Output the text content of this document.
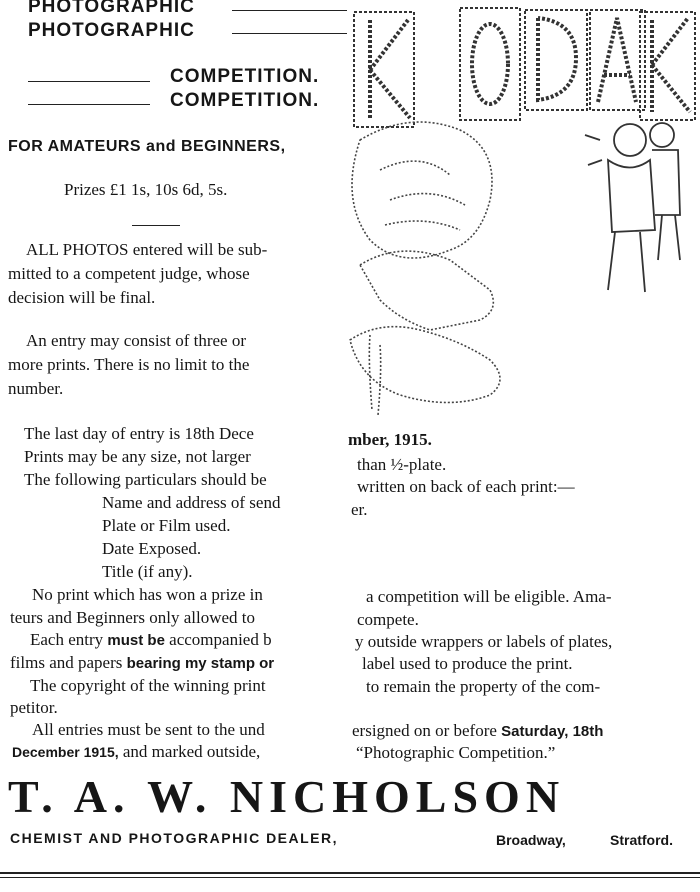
PHOTOGRAPHIC
PHOTOGRAPHIC
COMPETITION.
COMPETITION.
FOR AMATEURS and BEGINNERS,
Prizes £1 1s, 10s 6d, 5s.
ALL PHOTOS entered will be sub-
mitted to a competent judge, whose
decision will be final.
An entry may consist of three or
more prints. There is no limit to the
number.
The last day of entry is 18th Dece	mber, 1915.
Prints may be any size, not larger	than ½-plate.
The following particulars should be	written on back of each print:—
Name and address of send	er.
Plate or Film used.
Date Exposed.
Title (if any).
No print which has won a prize in	a competition will be eligible. Ama-
teurs and Beginners only allowed to	compete.
Each entry must be accompanied b	y outside wrappers or labels of plates,
films and papers bearing my stamp or	label used to produce the print.
The copyright of the winning print	to remain the property of the com-
petitor.
All entries must be sent to the und	ersigned on or before Saturday, 18th
December 1915, and marked outside,	“Photographic Competition.”
T. A. W. NICHOLSON
CHEMIST AND PHOTOGRAPHIC DEALER,	Broadway,	Stratford.
